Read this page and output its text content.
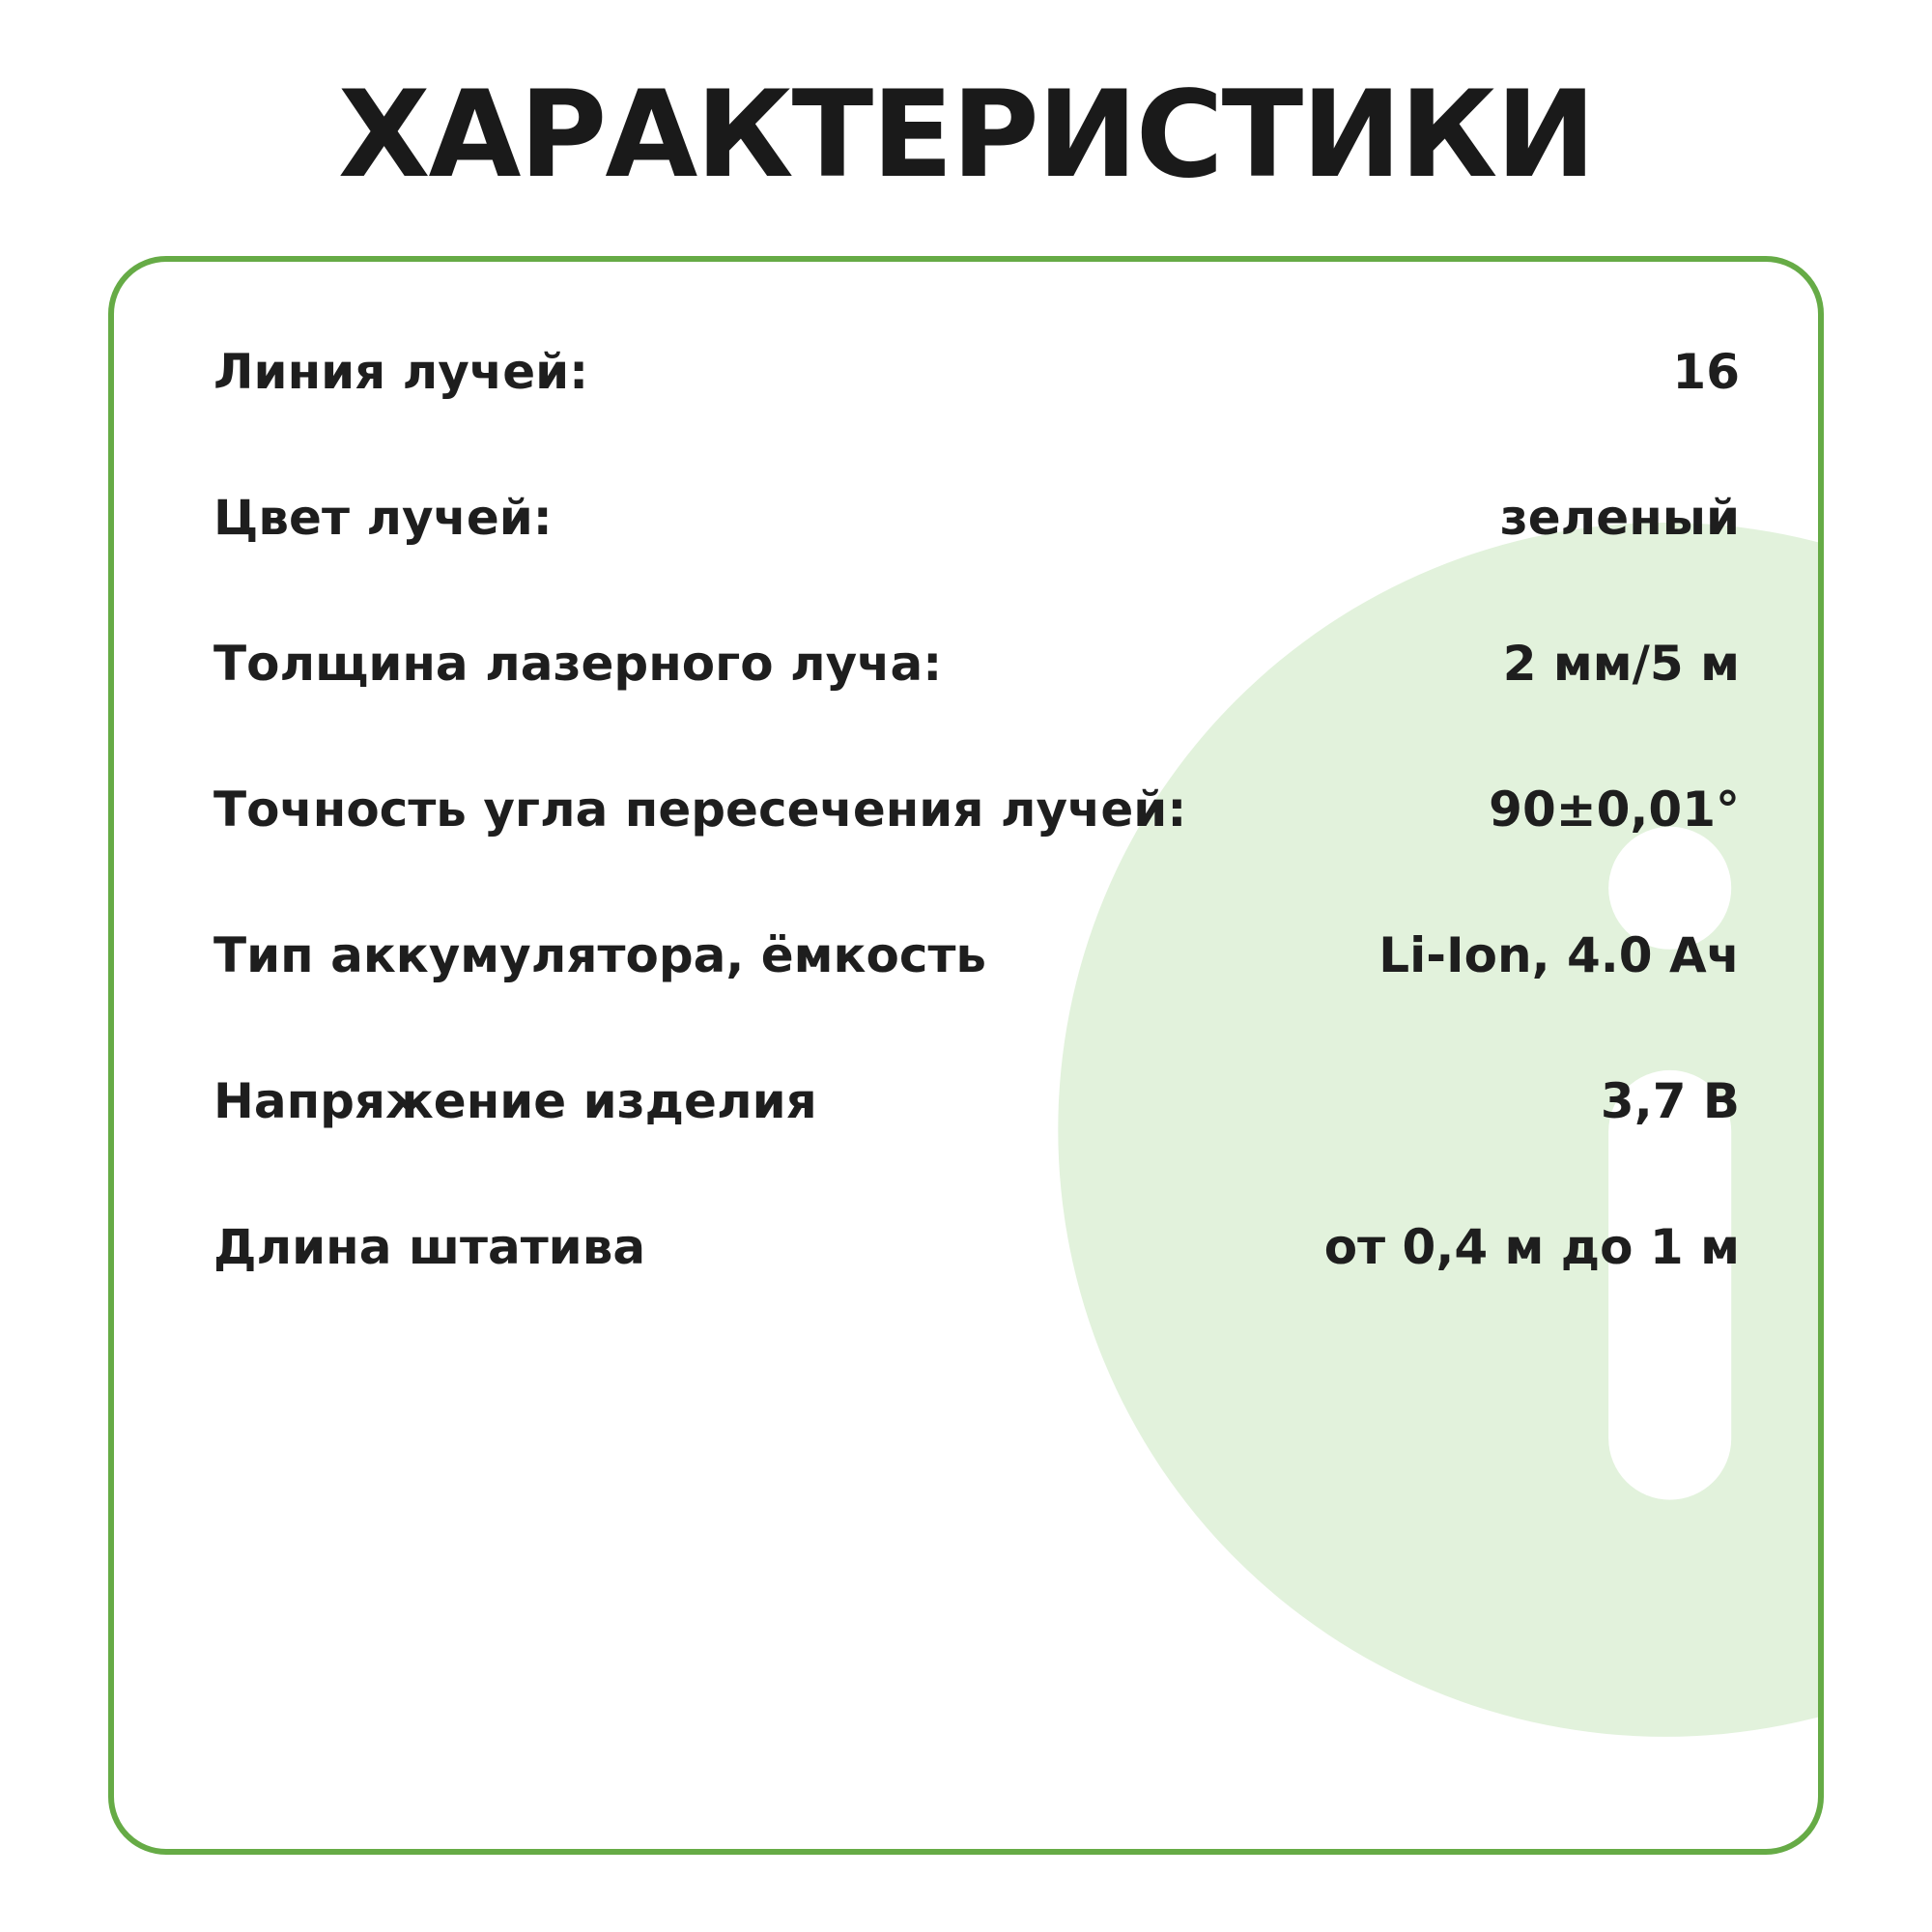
ХАРАКТЕРИСТИКИ
Линия лучей:	16
Цвет лучей:	зеленый
Толщина лазерного луча:	2 мм/5 м
Точность угла пересечения лучей:	90±0,01°
Тип аккумулятора, ёмкость	Li-Ion, 4.0 Ач
Напряжение изделия	3,7 В
Длина штатива	от 0,4 м до 1 м
